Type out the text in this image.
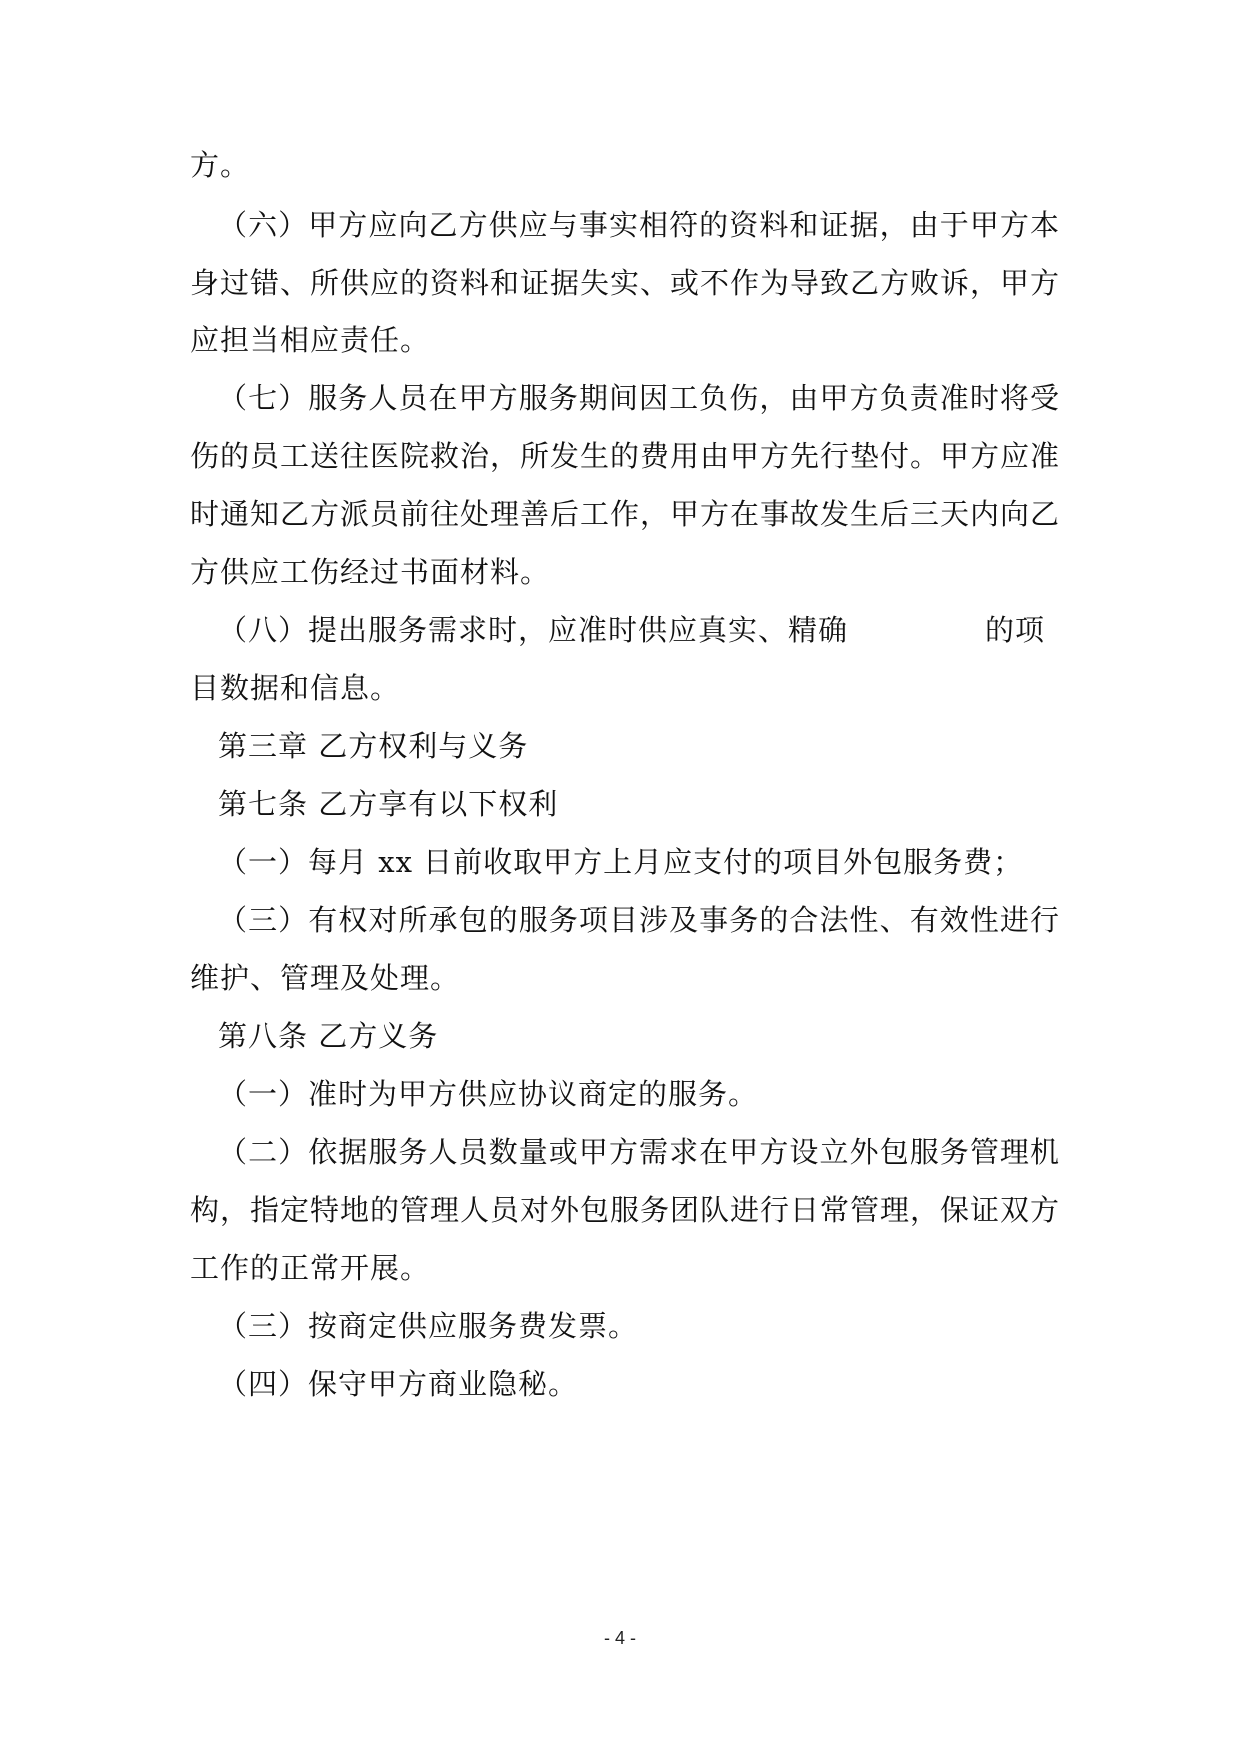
方。
（六）甲方应向乙方供应与事实相符的资料和证据，由于甲方本
身过错、所供应的资料和证据失实、或不作为导致乙方败诉，甲方
应担当相应责任。
（七）服务人员在甲方服务期间因工负伤，由甲方负责准时将受
伤的员工送往医院救治，所发生的费用由甲方先行垫付。甲方应准
时通知乙方派员前往处理善后工作，甲方在事故发生后三天内向乙
方供应工伤经过书面材料。
（八）提出服务需求时，应准时供应真实、精确	的项
目数据和信息。
第三章 乙方权利与义务
第七条 乙方享有以下权利
（一）每月 xx 日前收取甲方上月应支付的项目外包服务费；
（三）有权对所承包的服务项目涉及事务的合法性、有效性进行
维护、管理及处理。
第八条 乙方义务
（一）准时为甲方供应协议商定的服务。
（二）依据服务人员数量或甲方需求在甲方设立外包服务管理机
构，指定特地的管理人员对外包服务团队进行日常管理，保证双方
工作的正常开展。
（三）按商定供应服务费发票。
（四）保守甲方商业隐秘。
- 4 -
